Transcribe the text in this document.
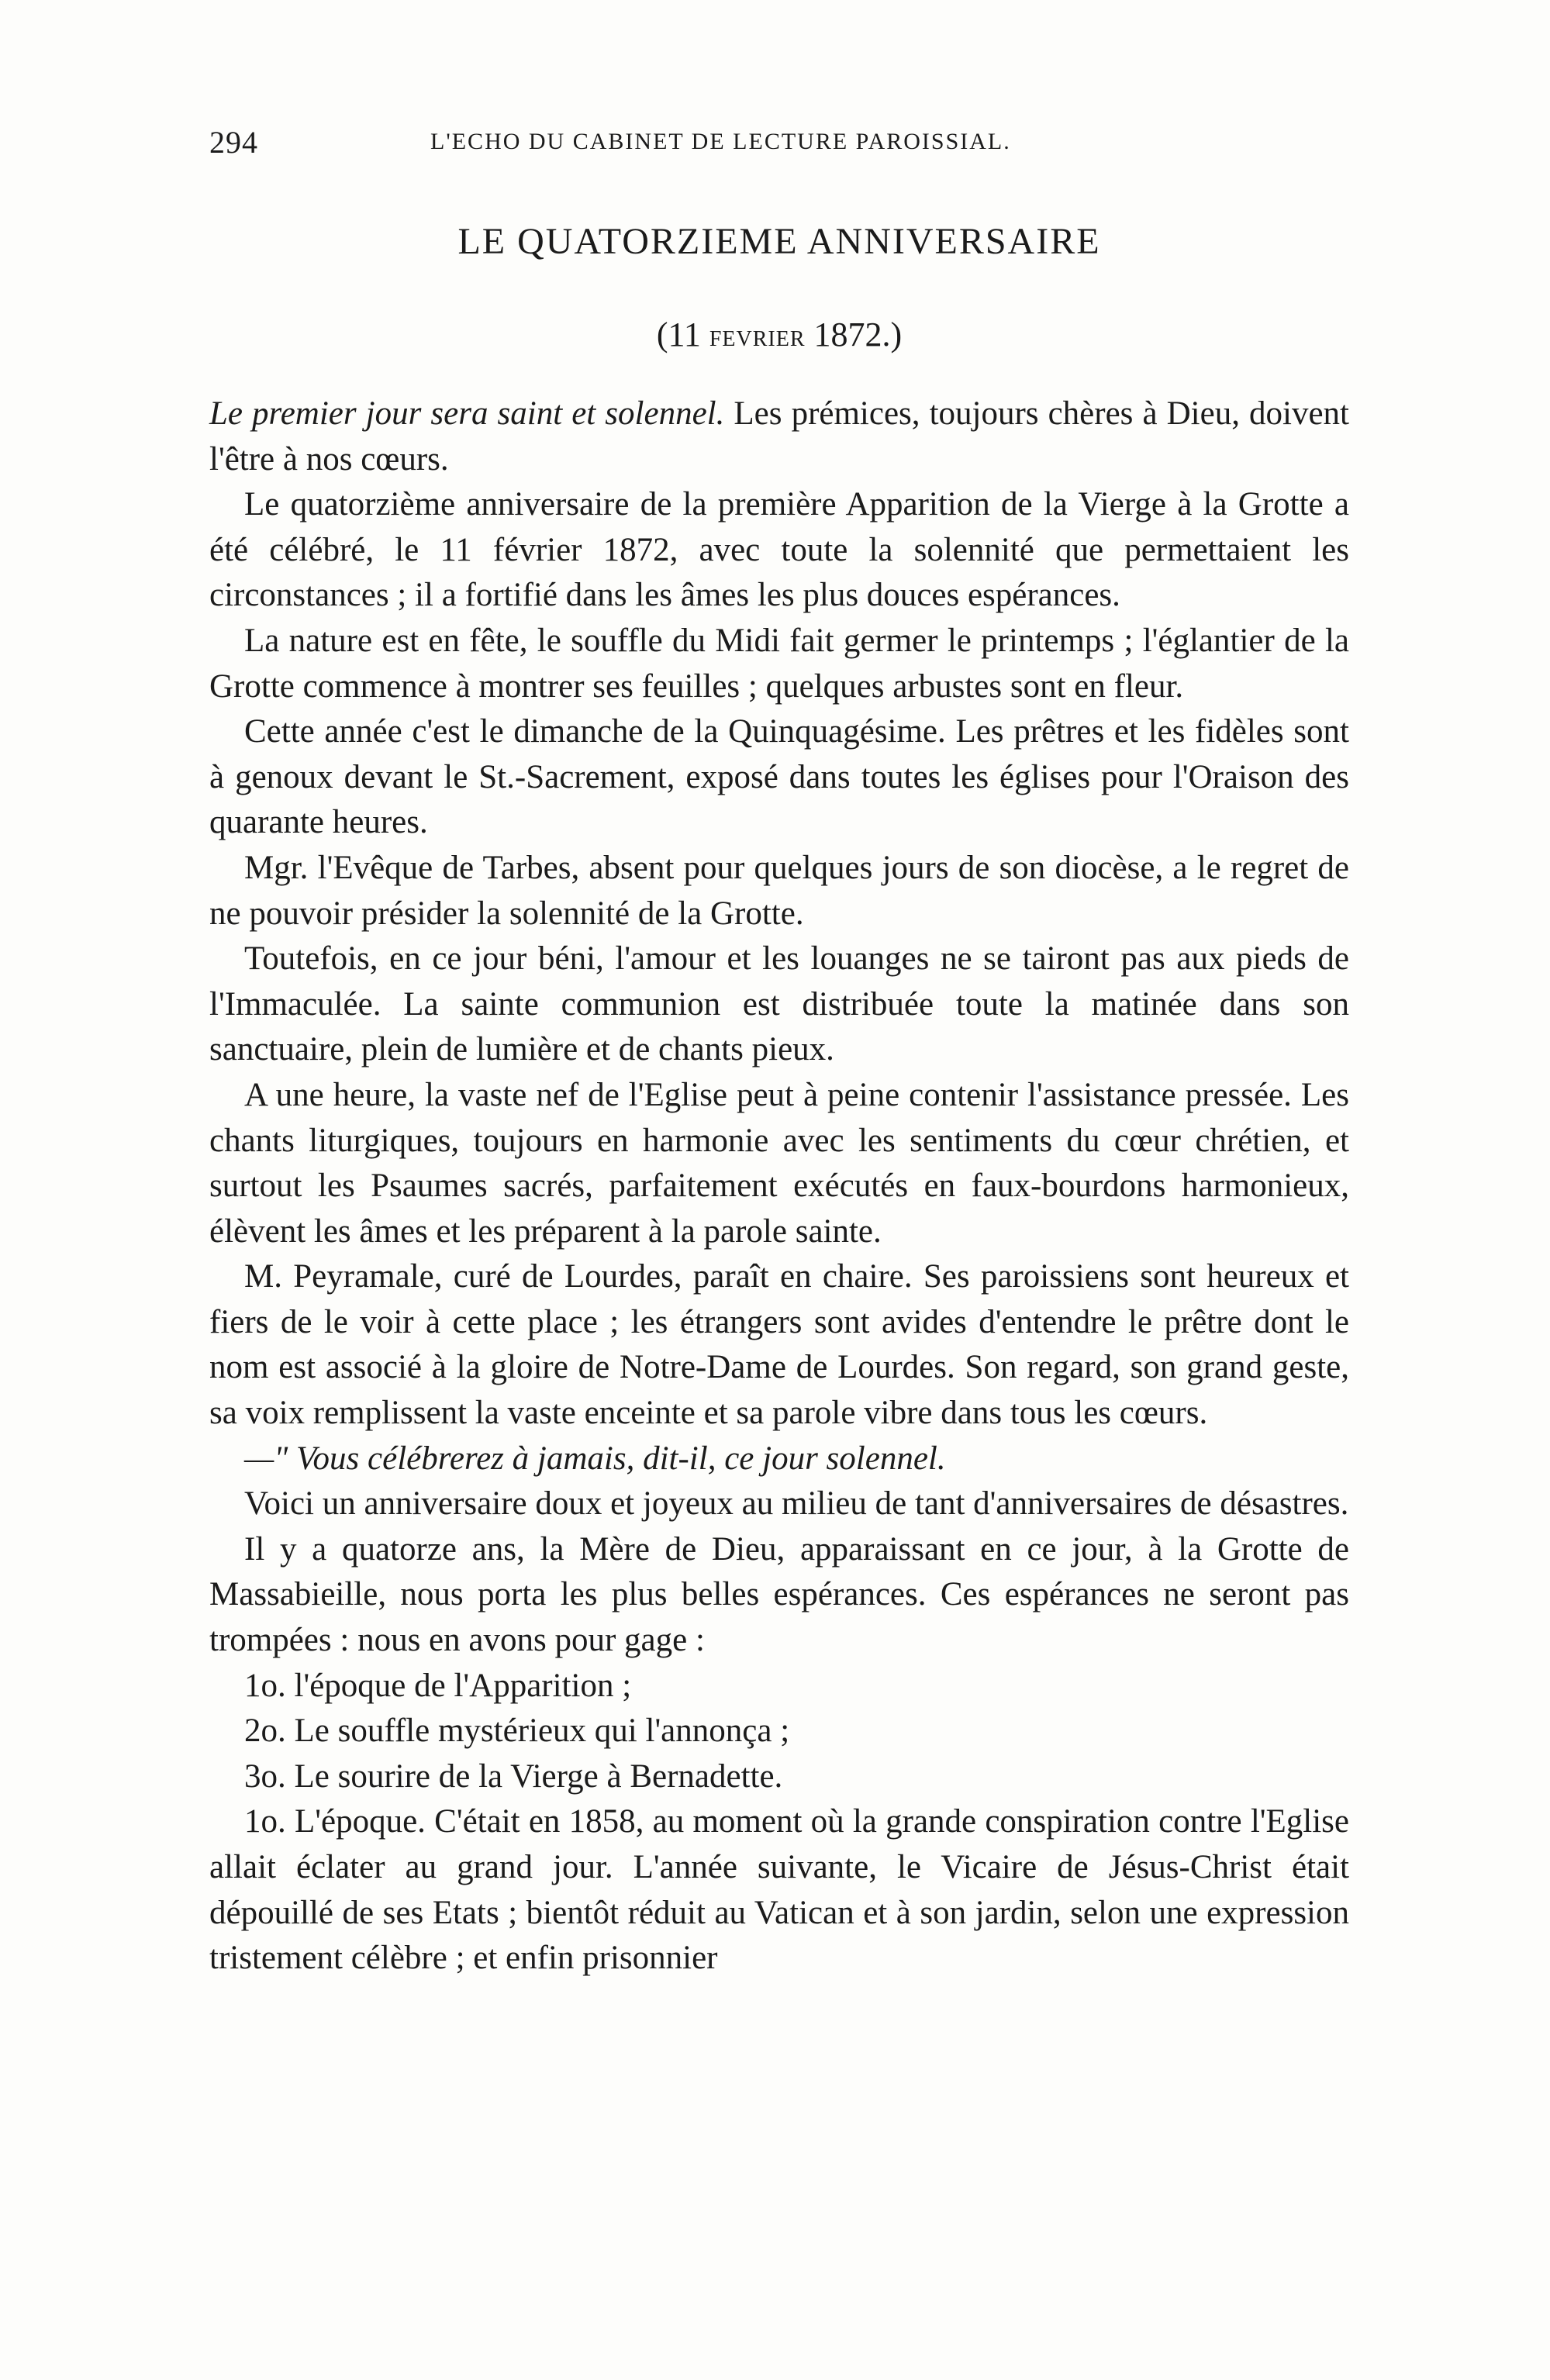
294	L'ECHO DU CABINET DE LECTURE PAROISSIAL.
LE QUATORZIEME ANNIVERSAIRE
(11 fevrier 1872.)

Le premier jour sera saint et solennel. Les prémices, toujours chères à Dieu, doivent l'être à nos cœurs.

Le quatorzième anniversaire de la première Apparition de la Vierge à la Grotte a été célébré, le 11 février 1872, avec toute la solennité que permettaient les circonstances ; il a fortifié dans les âmes les plus douces espérances.

La nature est en fête, le souffle du Midi fait germer le printemps ; l'églantier de la Grotte commence à montrer ses feuilles ; quelques arbustes sont en fleur.

Cette année c'est le dimanche de la Quinquagésime. Les prêtres et les fidèles sont à genoux devant le St.-Sacrement, exposé dans toutes les églises pour l'Oraison des quarante heures.

Mgr. l'Evêque de Tarbes, absent pour quelques jours de son diocèse, a le regret de ne pouvoir présider la solennité de la Grotte.

Toutefois, en ce jour béni, l'amour et les louanges ne se tairont pas aux pieds de l'Immaculée. La sainte communion est distribuée toute la matinée dans son sanctuaire, plein de lumière et de chants pieux.

A une heure, la vaste nef de l'Eglise peut à peine contenir l'assistance pressée. Les chants liturgiques, toujours en harmonie avec les sentiments du cœur chrétien, et surtout les Psaumes sacrés, parfaitement exécutés en faux-bourdons harmonieux, élèvent les âmes et les préparent à la parole sainte.

M. Peyramale, curé de Lourdes, paraît en chaire. Ses paroissiens sont heureux et fiers de le voir à cette place ; les étrangers sont avides d'entendre le prêtre dont le nom est associé à la gloire de Notre-Dame de Lourdes. Son regard, son grand geste, sa voix remplissent la vaste enceinte et sa parole vibre dans tous les cœurs.

—" Vous célébrerez à jamais, dit-il, ce jour solennel.

Voici un anniversaire doux et joyeux au milieu de tant d'anniversaires de désastres.

Il y a quatorze ans, la Mère de Dieu, apparaissant en ce jour, à la Grotte de Massabieille, nous porta les plus belles espérances. Ces espérances ne seront pas trompées : nous en avons pour gage :

1o. l'époque de l'Apparition ;

2o. Le souffle mystérieux qui l'annonça ;

3o. Le sourire de la Vierge à Bernadette.

1o. L'époque. C'était en 1858, au moment où la grande conspiration contre l'Eglise allait éclater au grand jour. L'année suivante, le Vicaire de Jésus-Christ était dépouillé de ses Etats ; bientôt réduit au Vatican et à son jardin, selon une expression tristement célèbre ; et enfin prisonnier
